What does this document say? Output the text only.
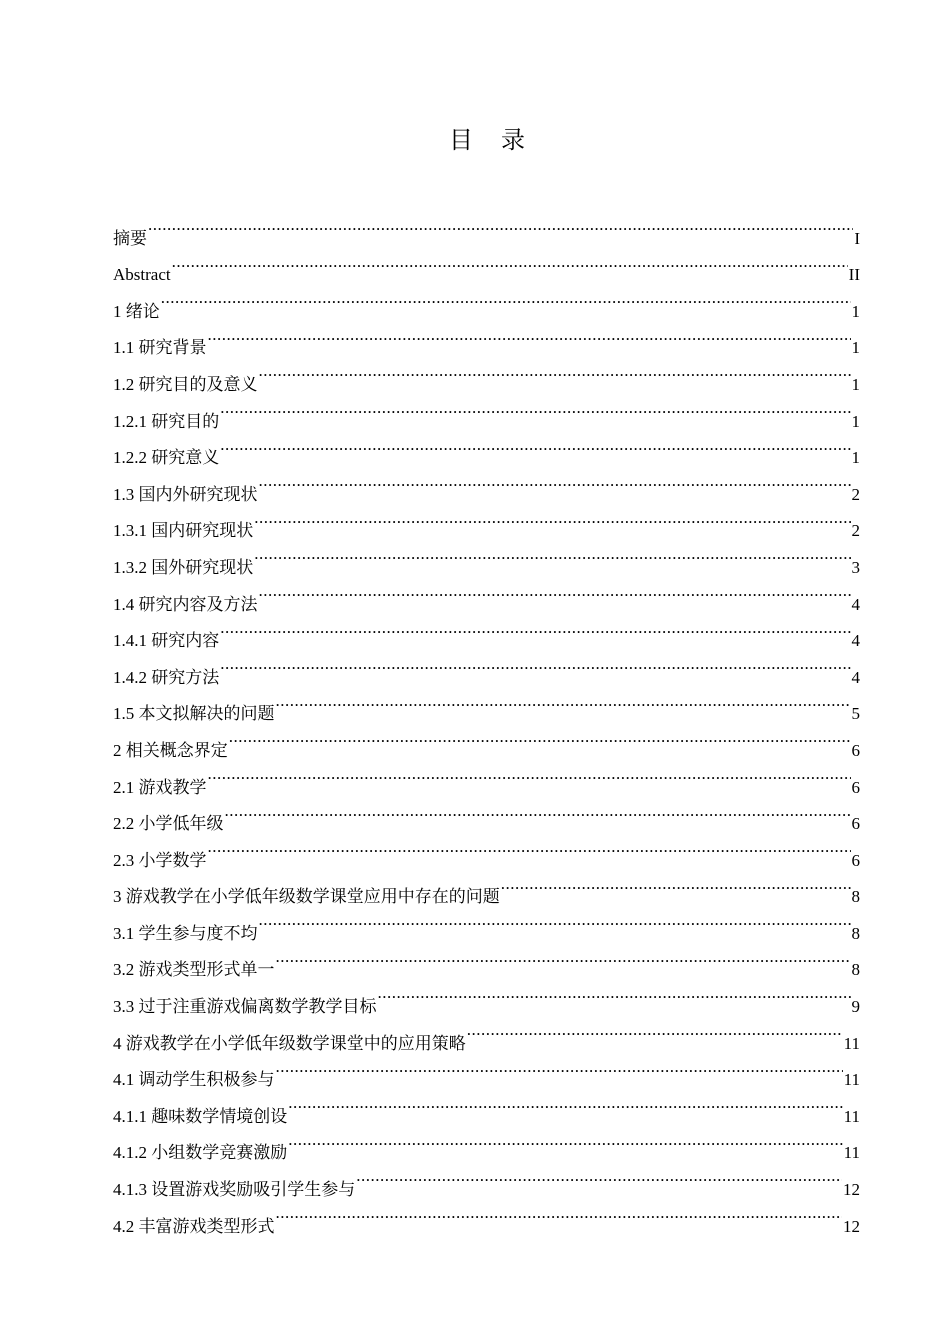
目 录
摘要 .....	I
Abstract .....	II
1 绪论 .....	1
1.1 研究背景 .....	1
1.2 研究目的及意义 .....	1
1.2.1 研究目的 .....	1
1.2.2 研究意义 .....	1
1.3 国内外研究现状 .....	2
1.3.1 国内研究现状 .....	2
1.3.2 国外研究现状 .....	3
1.4 研究内容及方法 .....	4
1.4.1 研究内容 .....	4
1.4.2 研究方法 .....	4
1.5 本文拟解决的问题 .....	5
2 相关概念界定 .....	6
2.1 游戏教学 .....	6
2.2 小学低年级 .....	6
2.3 小学数学 .....	6
3 游戏教学在小学低年级数学课堂应用中存在的问题 .....	8
3.1 学生参与度不均 .....	8
3.2 游戏类型形式单一 .....	8
3.3 过于注重游戏偏离数学教学目标 .....	9
4 游戏教学在小学低年级数学课堂中的应用策略 .....	11
4.1 调动学生积极参与 .....	11
4.1.1 趣味数学情境创设 .....	11
4.1.2 小组数学竞赛激励 .....	11
4.1.3 设置游戏奖励吸引学生参与 .....	12
4.2 丰富游戏类型形式 .....	12
